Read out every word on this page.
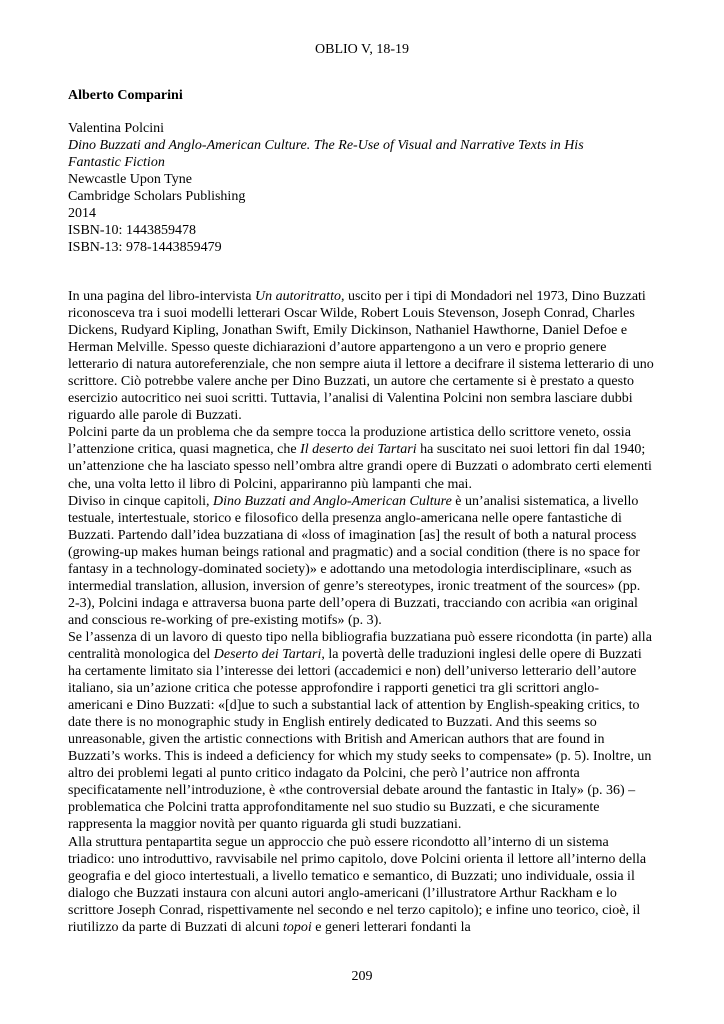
OBLIO V, 18-19
Alberto Comparini
Valentina Polcini
Dino Buzzati and Anglo-American Culture. The Re-Use of Visual and Narrative Texts in His
Fantastic Fiction
Newcastle Upon Tyne
Cambridge Scholars Publishing
2014
ISBN-10: 1443859478
ISBN-13: 978-1443859479

In una pagina del libro-intervista Un autoritratto, uscito per i tipi di Mondadori nel 1973, Dino Buzzati riconosceva tra i suoi modelli letterari Oscar Wilde, Robert Louis Stevenson, Joseph Conrad, Charles Dickens, Rudyard Kipling, Jonathan Swift, Emily Dickinson, Nathaniel Hawthorne, Daniel Defoe e Herman Melville. Spesso queste dichiarazioni d’autore appartengono a un vero e proprio genere letterario di natura autoreferenziale, che non sempre aiuta il lettore a decifrare il sistema letterario di uno scrittore. Ciò potrebbe valere anche per Dino Buzzati, un autore che certamente si è prestato a questo esercizio autocritico nei suoi scritti. Tuttavia, l’analisi di Valentina Polcini non sembra lasciare dubbi riguardo alle parole di Buzzati.

Polcini parte da un problema che da sempre tocca la produzione artistica dello scrittore veneto, ossia l’attenzione critica, quasi magnetica, che Il deserto dei Tartari ha suscitato nei suoi lettori fin dal 1940; un’attenzione che ha lasciato spesso nell’ombra altre grandi opere di Buzzati o adombrato certi elementi che, una volta letto il libro di Polcini, appariranno più lampanti che mai.

Diviso in cinque capitoli, Dino Buzzati and Anglo-American Culture è un’analisi sistematica, a livello testuale, intertestuale, storico e filosofico della presenza anglo-americana nelle opere fantastiche di Buzzati. Partendo dall’idea buzzatiana di «loss of imagination [as] the result of both a natural process (growing-up makes human beings rational and pragmatic) and a social condition (there is no space for fantasy in a technology-dominated society)» e adottando una metodologia interdisciplinare, «such as intermedial translation, allusion, inversion of genre’s stereotypes, ironic treatment of the sources» (pp. 2-3), Polcini indaga e attraversa buona parte dell’opera di Buzzati, tracciando con acribia «an original and conscious re-working of pre-existing motifs» (p. 3).

Se l’assenza di un lavoro di questo tipo nella bibliografia buzzatiana può essere ricondotta (in parte) alla centralità monologica del Deserto dei Tartari, la povertà delle traduzioni inglesi delle opere di Buzzati ha certamente limitato sia l’interesse dei lettori (accademici e non) dell’universo letterario dell’autore italiano, sia un’azione critica che potesse approfondire i rapporti genetici tra gli scrittori anglo-americani e Dino Buzzati: «[d]ue to such a substantial lack of attention by English-speaking critics, to date there is no monographic study in English entirely dedicated to Buzzati. And this seems so unreasonable, given the artistic connections with British and American authors that are found in Buzzati’s works. This is indeed a deficiency for which my study seeks to compensate» (p. 5). Inoltre, un altro dei problemi legati al punto critico indagato da Polcini, che però l’autrice non affronta specificatamente nell’introduzione, è «the controversial debate around the fantastic in Italy» (p. 36) – problematica che Polcini tratta approfonditamente nel suo studio su Buzzati, e che sicuramente rappresenta la maggior novità per quanto riguarda gli studi buzzatiani.

Alla struttura pentapartita segue un approccio che può essere ricondotto all’interno di un sistema triadico: uno introduttivo, ravvisabile nel primo capitolo, dove Polcini orienta il lettore all’interno della geografia e del gioco intertestuali, a livello tematico e semantico, di Buzzati; uno individuale, ossia il dialogo che Buzzati instaura con alcuni autori anglo-americani (l’illustratore Arthur Rackham e lo scrittore Joseph Conrad, rispettivamente nel secondo e nel terzo capitolo); e infine uno teorico, cioè, il riutilizzo da parte di Buzzati di alcuni topoi e generi letterari fondanti la

209
